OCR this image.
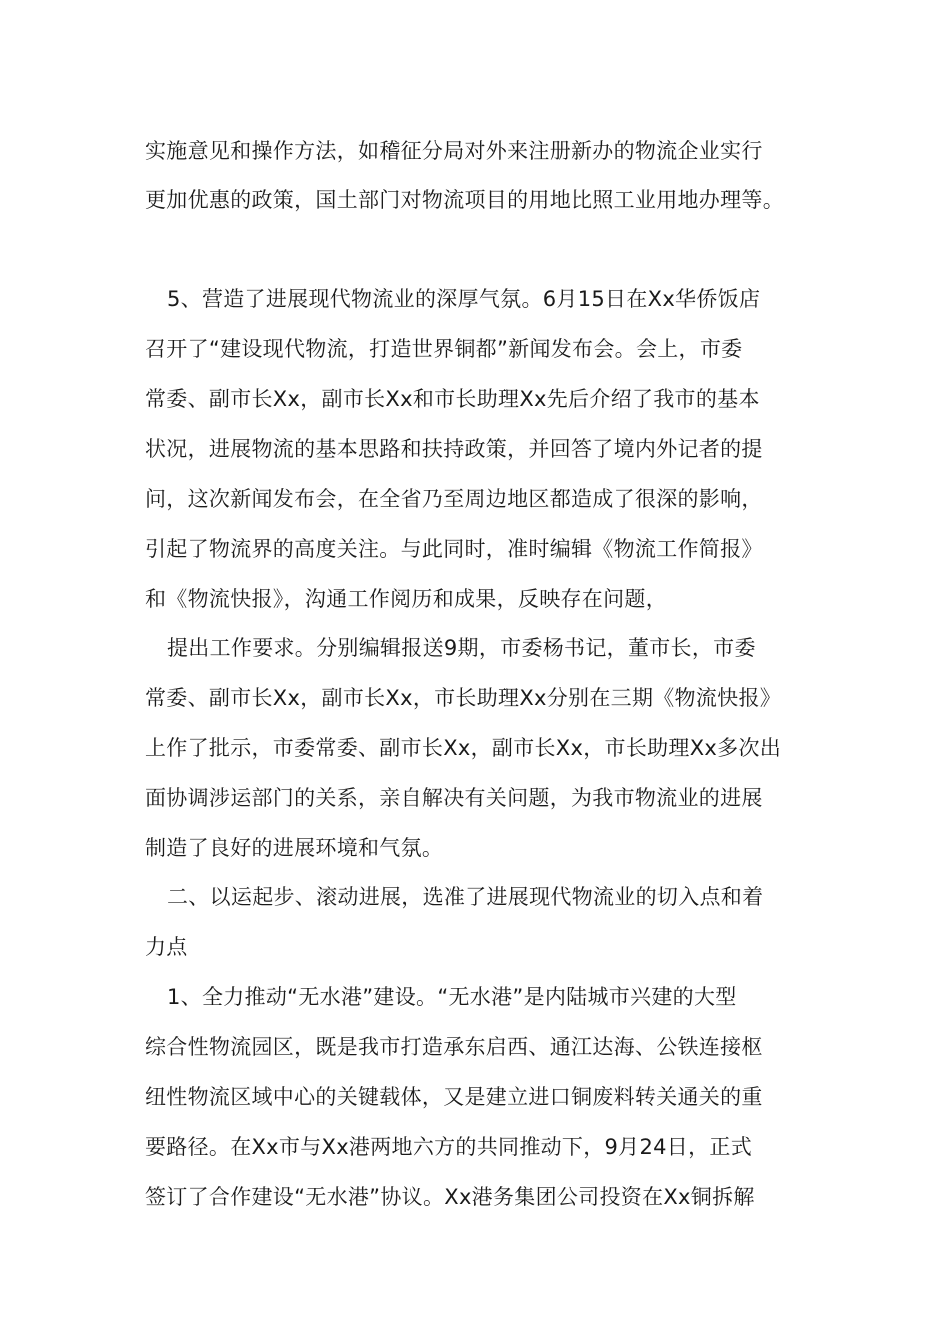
实施意见和操作方法，如稽征分局对外来注册新办的物流企业实行
更加优惠的政策，国土部门对物流项目的用地比照工业用地办理等。
5、营造了进展现代物流业的深厚气氛。6月15日在Xx华侨饭店
召开了“建设现代物流，打造世界铜都”新闻发布会。会上，市委
常委、副市长Xx，副市长Xx和市长助理Xx先后介绍了我市的基本
状况，进展物流的基本思路和扶持政策，并回答了境内外记者的提
问，这次新闻发布会，在全省乃至周边地区都造成了很深的影响，
引起了物流界的高度关注。与此同时，准时编辑《物流工作简报》
和《物流快报》，沟通工作阅历和成果，反映存在问题，
提出工作要求。分别编辑报送9期，市委杨书记，董市长，市委
常委、副市长Xx，副市长Xx，市长助理Xx分别在三期《物流快报》
上作了批示，市委常委、副市长Xx，副市长Xx，市长助理Xx多次出
面协调涉运部门的关系，亲自解决有关问题，为我市物流业的进展
制造了良好的进展环境和气氛。
二、以运起步、滚动进展，选准了进展现代物流业的切入点和着
力点
1、全力推动“无水港”建设。“无水港”是内陆城市兴建的大型
综合性物流园区，既是我市打造承东启西、通江达海、公铁连接枢
纽性物流区域中心的关键载体，又是建立进口铜废料转关通关的重
要路径。在Xx市与Xx港两地六方的共同推动下，9月24日，正式
签订了合作建设“无水港”协议。Xx港务集团公司投资在Xx铜拆解
